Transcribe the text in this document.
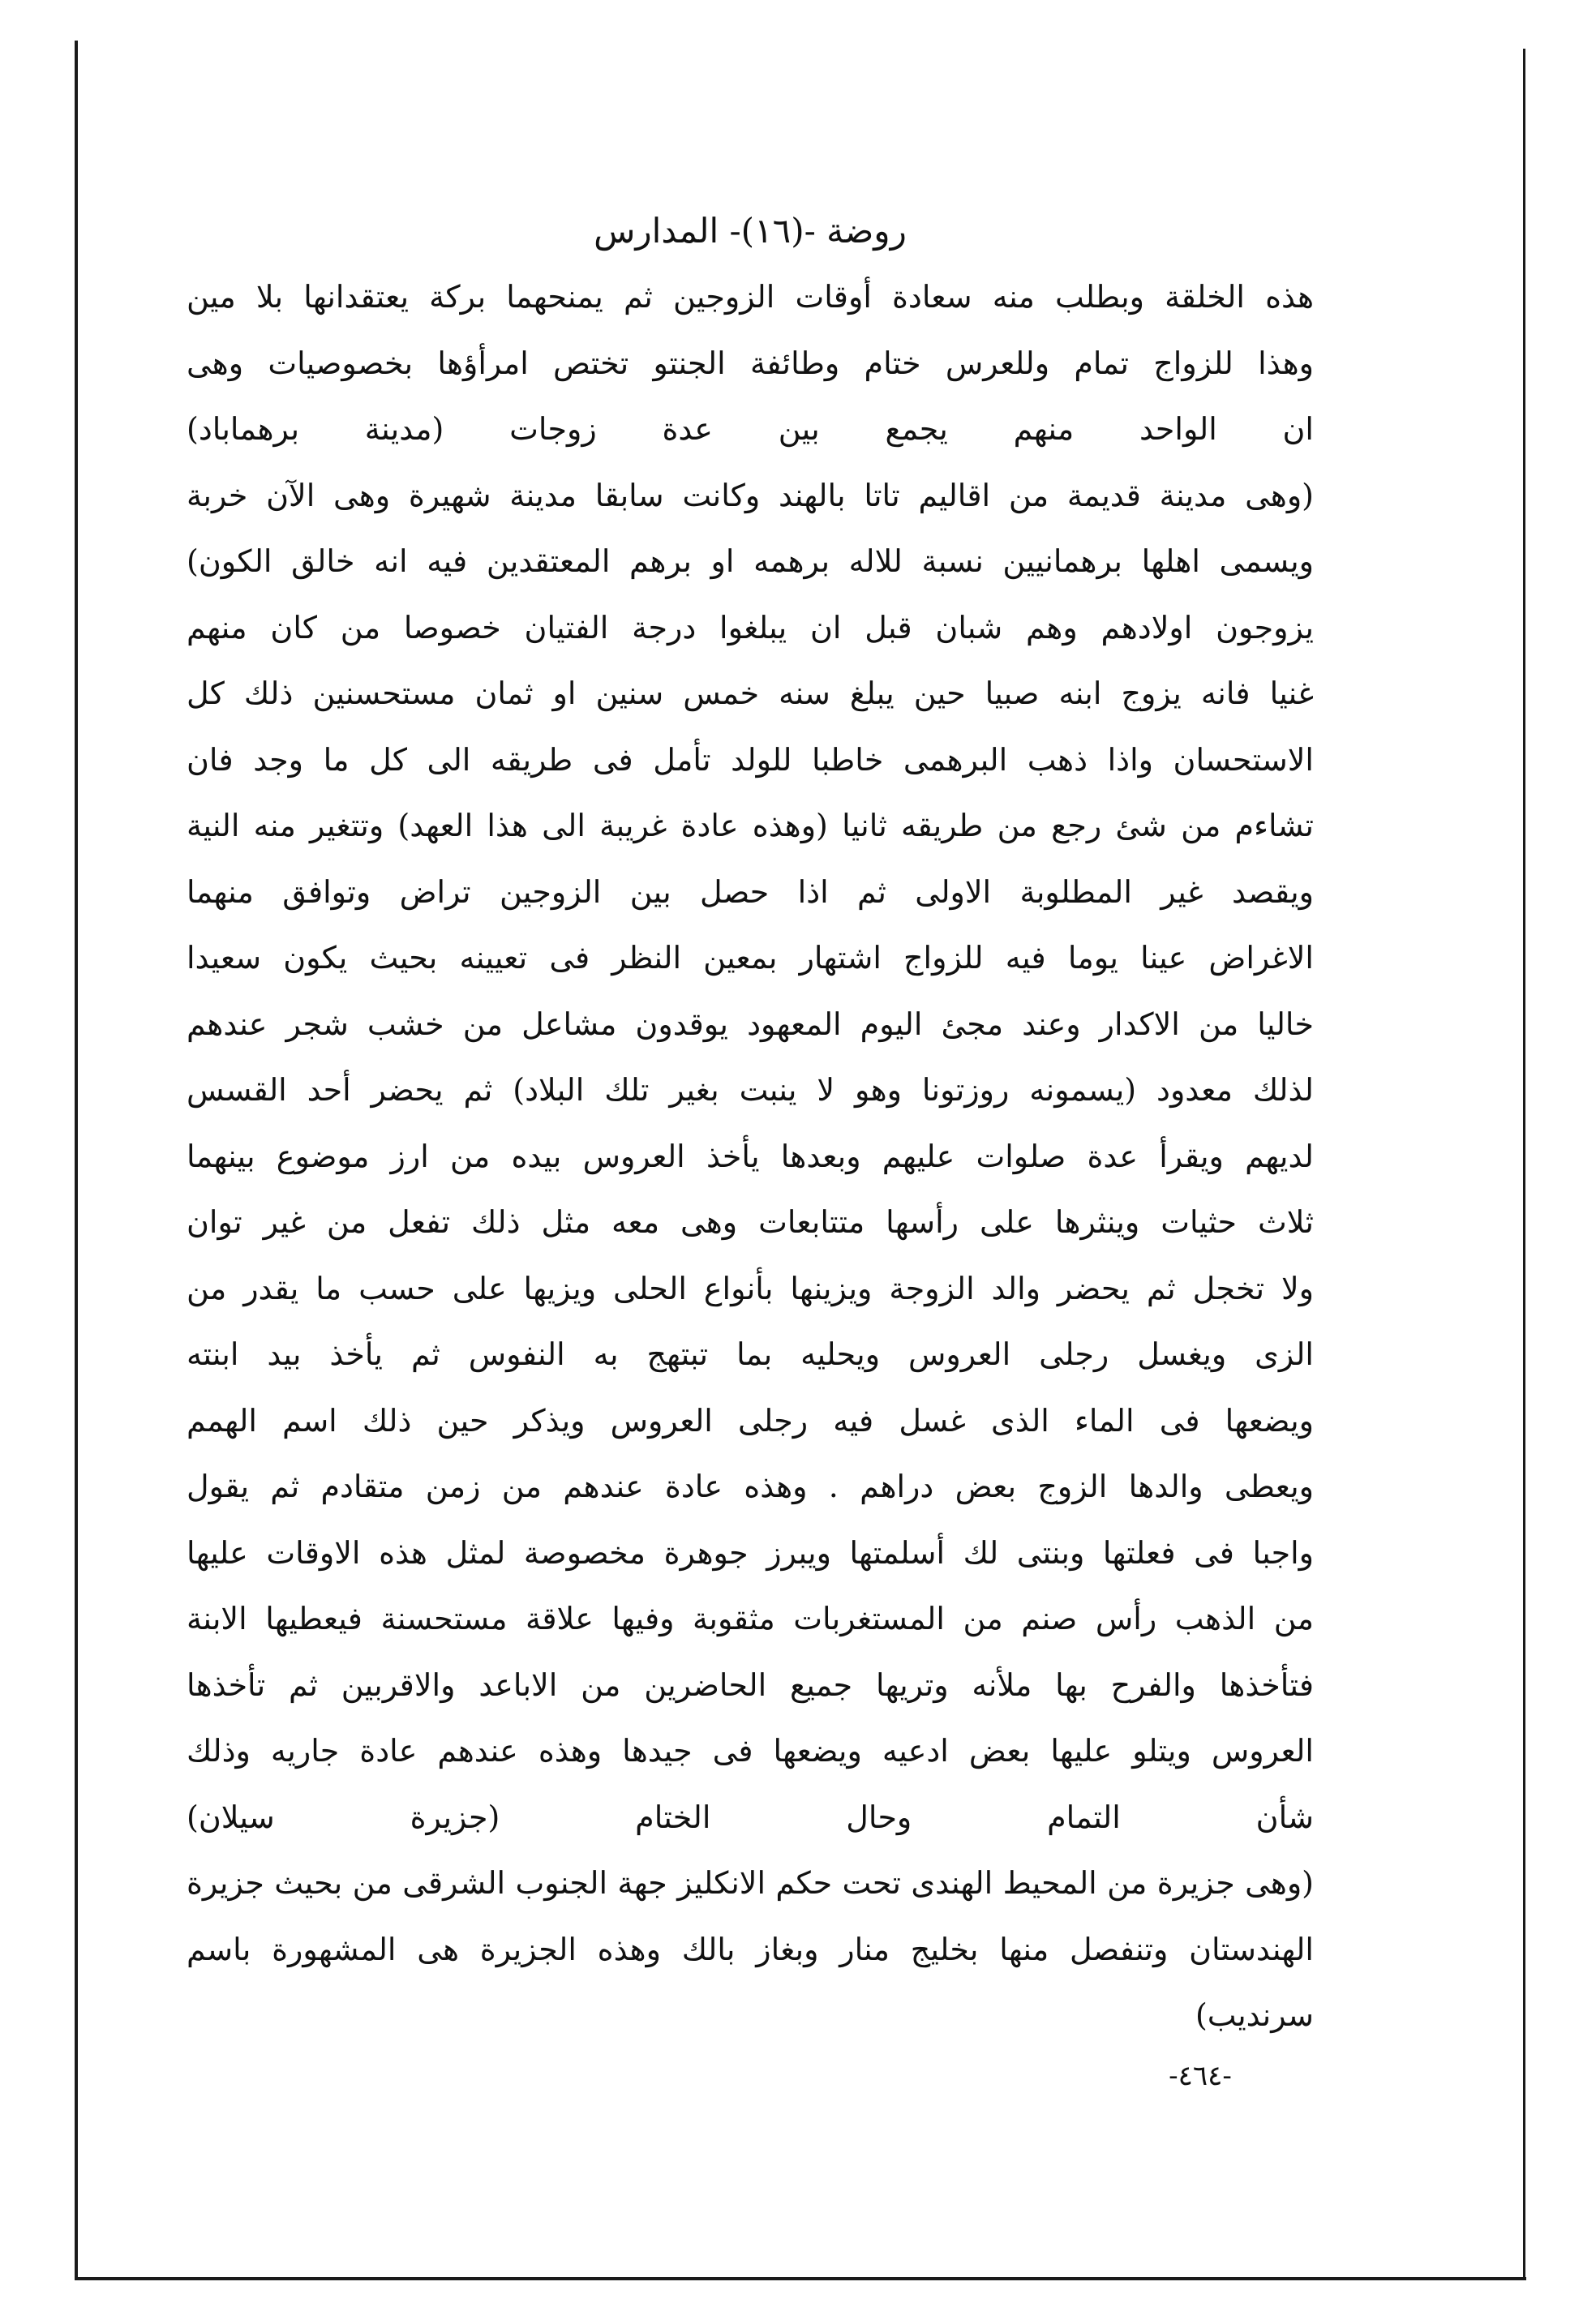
روضة -(١٦)- المدارس
هذه الخلقة وبطلب منه سعادة أوقات الزوجين ثم يمنحهما بركة يعتقدانها بلا مين
وهذا للزواج تمام وللعرس ختام وطائفة الجنتو تختص امرأؤها بخصوصيات وهى
ان الواحد منهم يجمع بين عدة زوجات (مدينة برهماباد)
(وهى مدينة قديمة من اقاليم تاتا بالهند وكانت سابقا مدينة شهيرة وهى الآن خربة
ويسمى اهلها برهمانيين نسبة للاله برهمه او برهم المعتقدين فيه انه خالق الكون)
يزوجون اولادهم وهم شبان قبل ان يبلغوا درجة الفتيان خصوصا من كان منهم
غنيا فانه يزوج ابنه صبيا حين يبلغ سنه خمس سنين او ثمان مستحسنين ذلك كل
الاستحسان واذا ذهب البرهمى خاطبا للولد تأمل فى طريقه الى كل ما وجد فان
تشاءم من شئ رجع من طريقه ثانيا (وهذه عادة غريبة الى هذا العهد) وتتغير منه النية
ويقصد غير المطلوبة الاولى ثم اذا حصل بين الزوجين تراض وتوافق منهما
الاغراض عينا يوما فيه للزواج اشتهار بمعين النظر فى تعيينه بحيث يكون سعيدا
خاليا من الاكدار وعند مجئ اليوم المعهود يوقدون مشاعل من خشب شجر عندهم
لذلك معدود (يسمونه روزتونا وهو لا ينبت بغير تلك البلاد) ثم يحضر أحد القسس
لديهم ويقرأ عدة صلوات عليهم وبعدها يأخذ العروس بيده من ارز موضوع بينهما
ثلاث حثيات وينثرها على رأسها متتابعات وهى معه مثل ذلك تفعل من غير توان
ولا تخجل ثم يحضر والد الزوجة ويزينها بأنواع الحلى ويزيها على حسب ما يقدر من
الزى ويغسل رجلى العروس ويحليه بما تبتهج به النفوس ثم يأخذ بيد ابنته
ويضعها فى الماء الذى غسل فيه رجلى العروس ويذكر حين ذلك اسم الهمم
ويعطى والدها الزوج بعض دراهم . وهذه عادة عندهم من زمن متقادم ثم يقول
واجبا فى فعلتها وبنتى لك أسلمتها ويبرز جوهرة مخصوصة لمثل هذه الاوقات عليها
من الذهب رأس صنم من المستغربات مثقوبة وفيها علاقة مستحسنة فيعطيها الابنة
فتأخذها والفرح بها ملأنه وتريها جميع الحاضرين من الاباعد والاقربين ثم تأخذها
العروس ويتلو عليها بعض ادعيه ويضعها فى جيدها وهذه عندهم عادة جاريه وذلك
شأن التمام وحال الختام (جزيرة سيلان)
(وهى جزيرة من المحيط الهندى تحت حكم الانكليز جهة الجنوب الشرقى من بحيث جزيرة
الهندستان وتنفصل منها بخليج منار وبغاز بالك وهذه الجزيرة هى المشهورة باسم
سرنديب)
-٤٦٤-
